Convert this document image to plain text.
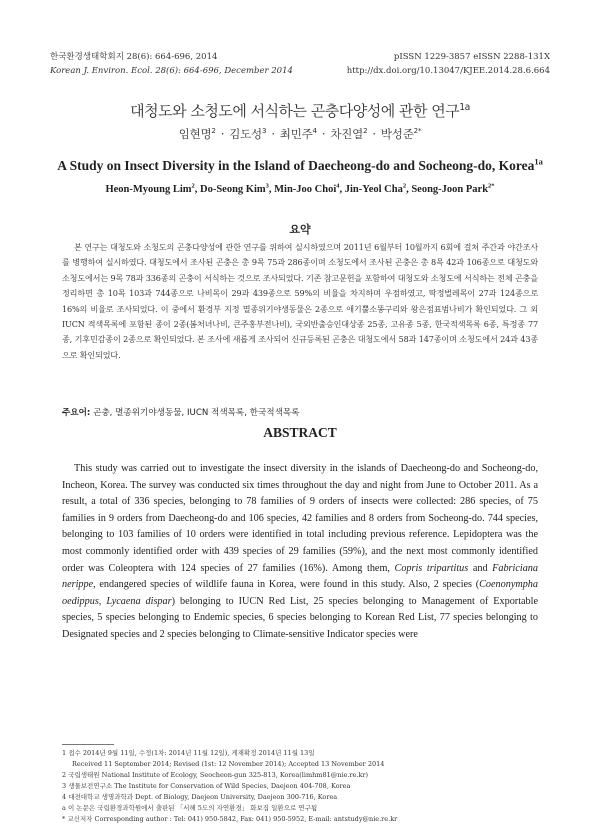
한국환경생태학회지 28(6): 664-696, 2014
Korean J. Environ. Ecol. 28(6): 664-696, December 2014
pISSN 1229-3857 eISSN 2288-131X
http://dx.doi.org/10.13047/KJEE.2014.28.6.664
대청도와 소청도에 서식하는 곤충다양성에 관한 연구$^{1a}$
임현명$^2$ · 김도성$^3$ · 최민주$^4$ · 차진열$^2$ · 박성준$^{2*}$
A Study on Insect Diversity in the Island of Daecheong-do and Socheong-do, Korea$^{1a}$
Heon-Myoung Lim$^2$, Do-Seong Kim$^3$, Min-Joo Choi$^4$, Jin-Yeol Cha$^2$, Seong-Joon Park$^{2*}$
요약
본 연구는 대청도와 소청도의 곤충다양성에 관한 연구를 위하여 실시하였으며 2011년 6월부터 10월까지 6회에 걸쳐 주간과 야간조사를 병행하여 실시하였다. 대청도에서 조사된 곤충은 총 9목 75과 286종이며 소청도에서 조사된 곤충은 총 8목 42과 106종으로 대청도와 소청도에서는 9목 78과 336종의 곤충이 서식하는 것으로 조사되었다. 기존 참고문헌을 포함하여 대청도와 소청도에 서식하는 전체 곤충을 정리하면 총 10목 103과 744종으로 나비목이 29과 439종으로 59%의 비율을 차지하며 우점하였고, 딱정벌레목이 27과 124종으로 16%의 비율로 조사되었다. 이 중에서 환경부 지정 멸종위기야생동물은 2종으로 애기뿔소똥구리와 왕은점표범나비가 확인되었다. 그 외 IUCN 적색목록에 포함된 종이 2종(봄처녀나비, 큰주홍부전나비), 국외반출승인대상종 25종, 고유종 5종, 한국적색목록 6종, 특정종 77종, 기후민감종이 2종으로 확인되었다. 본 조사에 새롭게 조사되어 신규등록된 곤충은 대청도에서 58과 147종이며 소청도에서 24과 43종으로 확인되었다.
주요어: 곤충, 멸종위기야생동물, IUCN 적색목록, 한국적색목록
ABSTRACT
This study was carried out to investigate the insect diversity in the islands of Daecheong-do and Socheong-do, Incheon, Korea. The survey was conducted six times throughout the day and night from June to October 2011. As a result, a total of 336 species, belonging to 78 families of 9 orders of insects were collected: 286 species, of 75 families in 9 orders from Daecheong-do and 106 species, 42 families and 8 orders from Socheong-do. 744 species, belonging to 103 families of 10 orders were identified in total including previous reference. Lepidoptera was the most commonly identified order with 439 species of 29 families (59%), and the next most commonly identified order was Coleoptera with 124 species of 27 families (16%). Among them, Copris tripartitus and Fabriciana nerippe, endangered species of wildlife fauna in Korea, were found in this study. Also, 2 species (Coenonympha oedippus, Lycaena dispar) belonging to IUCN Red List, 25 species belonging to Management of Exportable species, 5 species belonging to Endemic species, 6 species belonging to Korean Red List, 77 species belonging to Designated species and 2 species belonging to Climate-sensitive Indicator species were
1 접수 2014년 9월 11일, 수정(1차: 2014년 11월 12일), 게재확정 2014년 11월 13일
Received 11 September 2014; Revised (1st: 12 November 2014); Accepted 13 November 2014
2 국립생태원 National Institute of Ecology, Seocheon-gun 325-813, Korea(limhm81@nie.re.kr)
3 생물보전연구소 The Institute for Conservation of Wild Species, Daejeon 404-708, Korea
4 대전대학교 생명과학과 Dept. of Biology, Daejeon University, Daejeon 300-716, Korea
a 이 논문은 국립환경과학원에서 출판된 「서해 5도의 자연환경」 화보집 일환으로 연구됨
* 교신저자 Corresponding author : Tel: 041) 950-5842, Fax: 041) 950-5952, E-mail: antstudy@nie.re.kr
